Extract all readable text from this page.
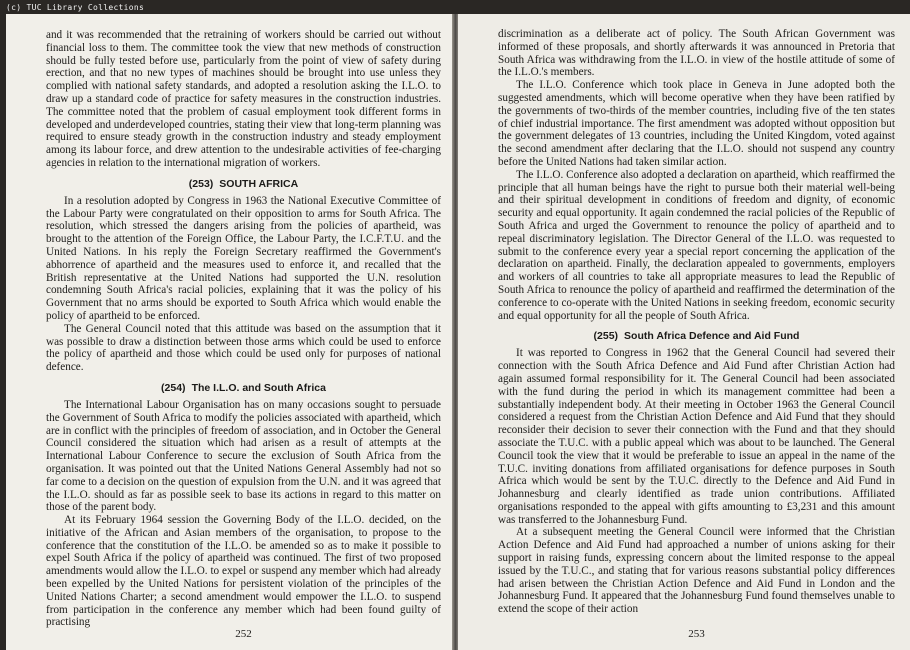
(c) TUC Library Collections

and it was recommended that the retraining of workers should be carried out without financial loss to them. The committee took the view that new methods of construction should be fully tested before use, particularly from the point of view of safety during erection, and that no new types of machines should be brought into use unless they complied with national safety standards, and adopted a resolution asking the I.L.O. to draw up a standard code of practice for safety measures in the construction industries. The committee noted that the problem of casual employment took different forms in developed and underdeveloped countries, stating their view that long-term planning was required to ensure steady growth in the construction industry and steady employment among its labour force, and drew attention to the undesirable activities of fee-charging agencies in relation to the international migration of workers.

(253) SOUTH AFRICA

In a resolution adopted by Congress in 1963 the National Executive Committee of the Labour Party were congratulated on their opposition to arms for South Africa. The resolution, which stressed the dangers arising from the policies of apartheid, was brought to the attention of the Foreign Office, the Labour Party, the I.C.F.T.U. and the United Nations. In his reply the Foreign Secretary reaffirmed the Government's abhorrence of apartheid and the measures used to enforce it, and recalled that the British representative at the United Nations had supported the U.N. resolution condemning South Africa's racial policies, explaining that it was the policy of his Government that no arms should be exported to South Africa which would enable the policy of apartheid to be enforced.

The General Council noted that this attitude was based on the assumption that it was possible to draw a distinction between those arms which could be used to enforce the policy of apartheid and those which could be used only for purposes of national defence.

(254) The I.L.O. and South Africa

The International Labour Organisation has on many occasions sought to persuade the Government of South Africa to modify the policies associated with apartheid, which are in conflict with the principles of freedom of association, and in October the General Council considered the situation which had arisen as a result of attempts at the International Labour Conference to secure the exclusion of South Africa from the organisation. It was pointed out that the United Nations General Assembly had not so far come to a decision on the question of expulsion from the U.N. and it was agreed that the I.L.O. should as far as possible seek to base its actions in regard to this matter on those of the parent body.

At its February 1964 session the Governing Body of the I.L.O. decided, on the initiative of the African and Asian members of the organisation, to propose to the conference that the constitution of the I.L.O. be amended so as to make it possible to expel South Africa if the policy of apartheid was continued. The first of two proposed amendments would allow the I.L.O. to expel or suspend any member which had already been expelled by the United Nations for persistent violation of the principles of the United Nations Charter; a second amendment would empower the I.L.O. to suspend from participation in the conference any member which had been found guilty of practising

252

discrimination as a deliberate act of policy. The South African Government was informed of these proposals, and shortly afterwards it was announced in Pretoria that South Africa was withdrawing from the I.L.O. in view of the hostile attitude of some of the I.L.O.'s members.

The I.L.O. Conference which took place in Geneva in June adopted both the suggested amendments, which will become operative when they have been ratified by the governments of two-thirds of the member countries, including five of the ten states of chief industrial importance. The first amendment was adopted without opposition but the government delegates of 13 countries, including the United Kingdom, voted against the second amendment after declaring that the I.L.O. should not suspend any country before the United Nations had taken similar action.

The I.L.O. Conference also adopted a declaration on apartheid, which reaffirmed the principle that all human beings have the right to pursue both their material well-being and their spiritual development in conditions of freedom and dignity, of economic security and equal opportunity. It again condemned the racial policies of the Republic of South Africa and urged the Government to renounce the policy of apartheid and to repeal discriminatory legislation. The Director General of the I.L.O. was requested to submit to the conference every year a special report concerning the application of the declaration on apartheid. Finally, the declaration appealed to governments, employers and workers of all countries to take all appropriate measures to lead the Republic of South Africa to renounce the policy of apartheid and reaffirmed the determination of the conference to co-operate with the United Nations in seeking freedom, economic security and equal opportunity for all the people of South Africa.

(255) South Africa Defence and Aid Fund

It was reported to Congress in 1962 that the General Council had severed their connection with the South Africa Defence and Aid Fund after Christian Action had again assumed formal responsibility for it. The General Council had been associated with the fund during the period in which its management committee had been a substantially independent body. At their meeting in October 1963 the General Council considered a request from the Christian Action Defence and Aid Fund that they should reconsider their decision to sever their connection with the Fund and that they should associate the T.U.C. with a public appeal which was about to be launched. The General Council took the view that it would be preferable to issue an appeal in the name of the T.U.C. inviting donations from affiliated organisations for defence purposes in South Africa which would be sent by the T.U.C. directly to the Defence and Aid Fund in Johannesburg and clearly identified as trade union contributions. Affiliated organisations responded to the appeal with gifts amounting to £3,231 and this amount was transferred to the Johannesburg Fund.

At a subsequent meeting the General Council were informed that the Christian Action Defence and Aid Fund had approached a number of unions asking for their support in raising funds, expressing concern about the limited response to the appeal issued by the T.U.C., and stating that for various reasons substantial policy differences had arisen between the Christian Action Defence and Aid Fund in London and the Johannesburg Fund. It appeared that the Johannesburg Fund found themselves unable to extend the scope of their action

253
